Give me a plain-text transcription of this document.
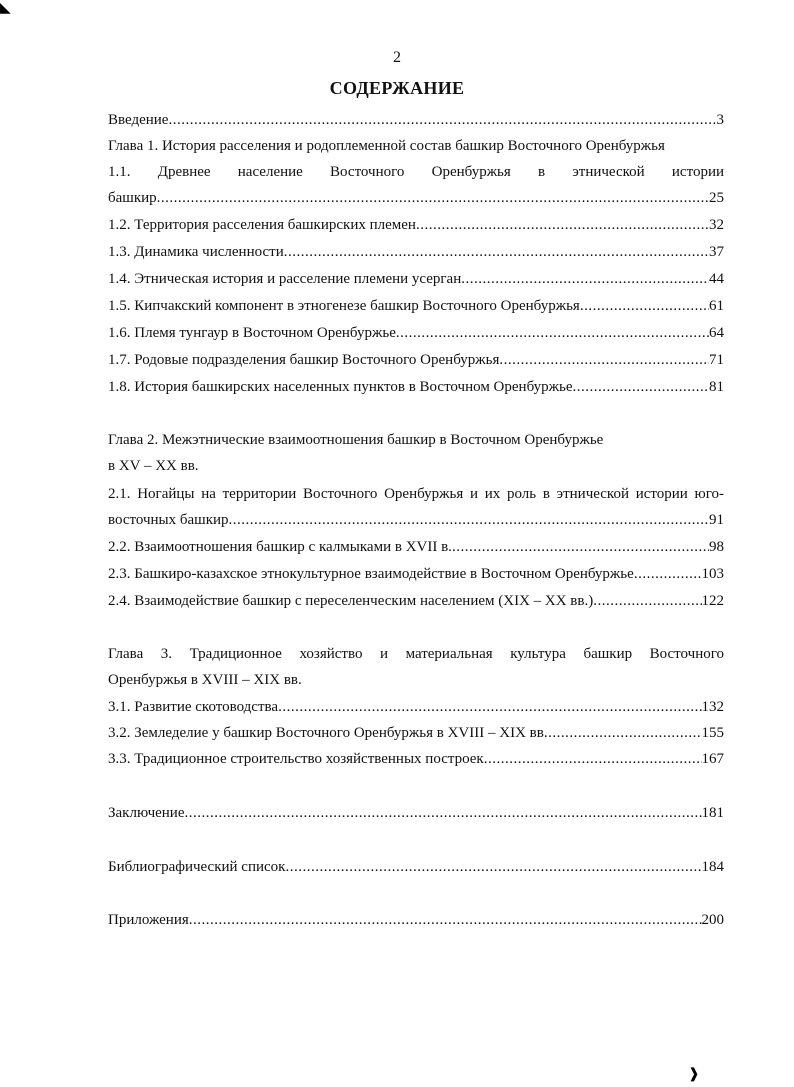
◣
❱
2
СОДЕРЖАНИЕ
Введение .....	3
Глава 1. История расселения и родоплеменной состав башкир Восточного Оренбуржья
1.1. Древнее население Восточного Оренбуржья в этнической истории
башкир .....	25
1.2. Территория расселения башкирских племен .....	32
1.3. Динамика численности .....	37
1.4. Этническая история и расселение племени усерган .....	44
1.5. Кипчакский компонент в этногенезе башкир Восточного Оренбуржья .....	61
1.6. Племя тунгаур в Восточном Оренбуржье .....	64
1.7. Родовые подразделения башкир Восточного Оренбуржья .....	71
1.8. История башкирских населенных пунктов в Восточном Оренбуржье .....	81
Глава 2. Межэтнические взаимоотношения башкир в Восточном Оренбуржье
в XV – XX вв.
2.1. Ногайцы на территории Восточного Оренбуржья и их роль в этнической истории юго-
восточных башкир .....	91
2.2. Взаимоотношения башкир с калмыками в XVII в. .....	98
2.3. Башкиро-казахское этнокультурное взаимодействие в Восточном Оренбуржье .....	103
2.4. Взаимодействие башкир с переселенческим населением (XIX – XX вв.) .....	122
Глава 3. Традиционное хозяйство и материальная культура башкир Восточного
Оренбуржья в XVIII – XIX вв.
3.1. Развитие скотоводства .....	132
3.2. Земледелие у башкир Восточного Оренбуржья в XVIII – XIX вв .....	155
3.3. Традиционное строительство хозяйственных построек .....	167
Заключение .....	181
Библиографический список .....	184
Приложения .....	200
